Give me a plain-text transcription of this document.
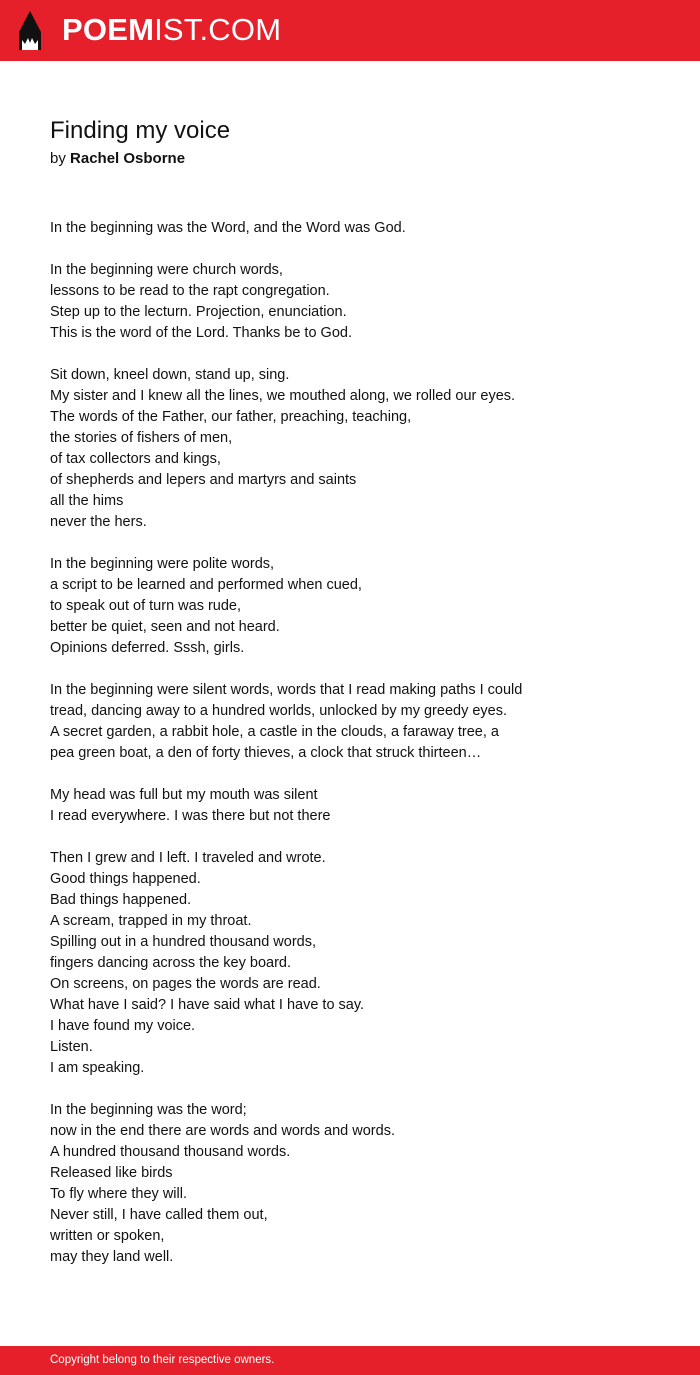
POEMIST.COM
Finding my voice
by Rachel Osborne
In the beginning was the Word, and the Word was God.
In the beginning were church words,
lessons to be read to the rapt congregation.
Step up to the lecturn. Projection, enunciation.
This is the word of the Lord. Thanks be to God.
Sit down, kneel down, stand up, sing.
My sister and I knew all the lines, we mouthed along, we rolled our eyes.
The words of the Father, our father, preaching, teaching,
the stories of fishers of men,
of tax collectors and kings,
of shepherds and lepers and martyrs and saints
all the hims
never the hers.
In the beginning were polite words,
a script to be learned and performed when cued,
to speak out of turn was rude,
better be quiet, seen and not heard.
Opinions deferred. Sssh, girls.
In the beginning were silent words, words that I read making paths I could
tread, dancing away to a hundred worlds, unlocked by my greedy eyes.
A secret garden, a rabbit hole, a castle in the clouds, a faraway tree, a
pea green boat, a den of forty thieves, a clock that struck thirteen…
My head was full but my mouth was silent
I read everywhere. I was there but not there
Then I grew and I left. I traveled and wrote.
Good things happened.
Bad things happened.
A scream, trapped in my throat.
Spilling out in a hundred thousand words,
fingers dancing across the key board.
On screens, on pages the words are read.
What have I said? I have said what I have to say.
I have found my voice.
Listen.
I am speaking.
In the beginning was the word;
now in the end there are words and words and words.
A hundred thousand thousand words.
Released like birds
To fly where they will.
Never still, I have called them out,
written or spoken,
may they land well.
Copyright belong to their respective owners.
